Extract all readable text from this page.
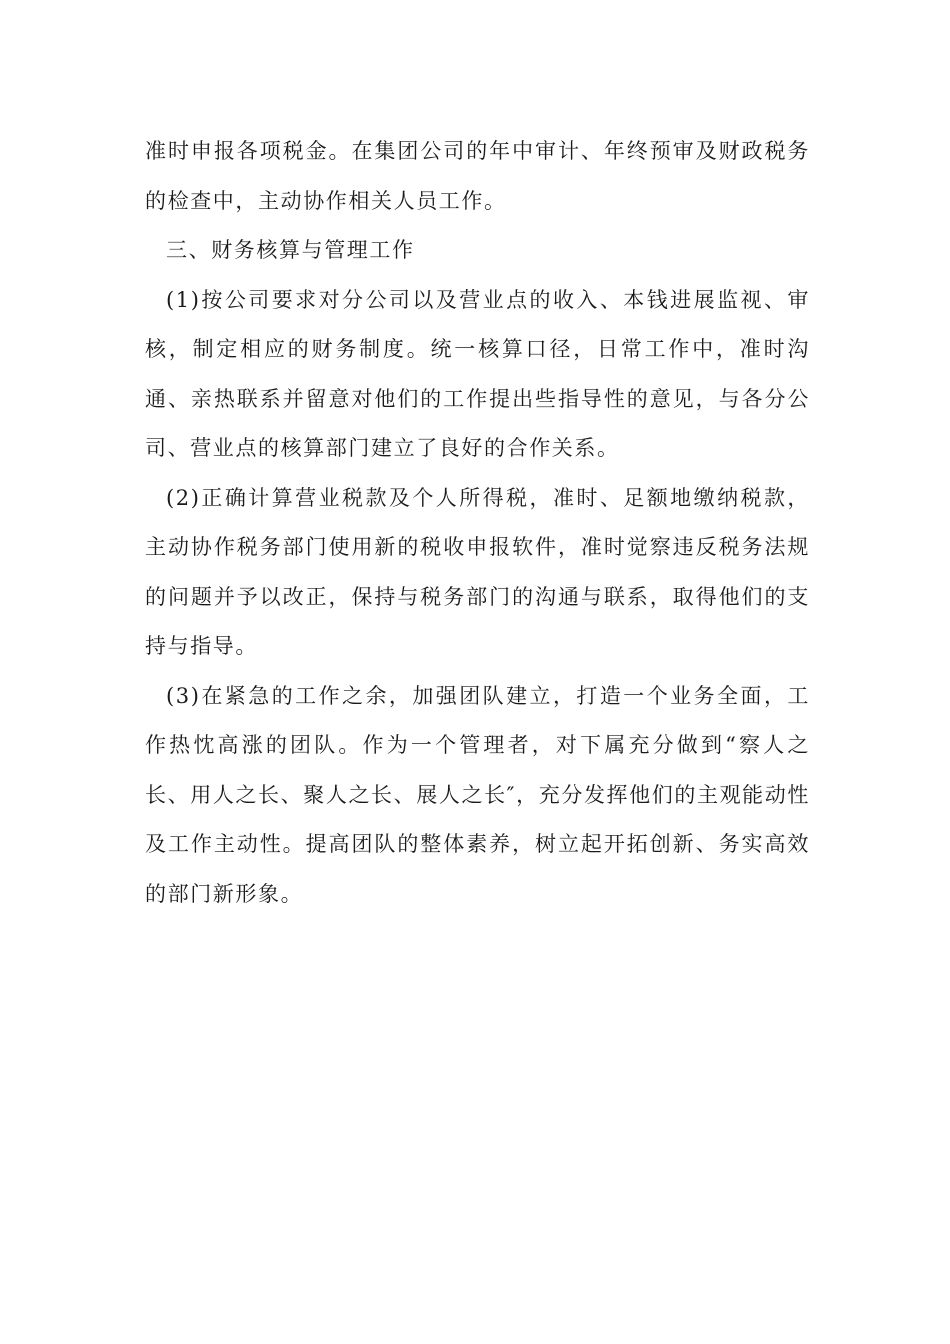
准时申报各项税金。在集团公司的年中审计、年终预审及财政税务的检查中，主动协作相关人员工作。

三、财务核算与管理工作

(1)按公司要求对分公司以及营业点的收入、本钱进展监视、审核，制定相应的财务制度。统一核算口径，日常工作中，准时沟通、亲热联系并留意对他们的工作提出些指导性的意见，与各分公司、营业点的核算部门建立了良好的合作关系。

(2)正确计算营业税款及个人所得税，准时、足额地缴纳税款，主动协作税务部门使用新的税收申报软件，准时觉察违反税务法规的问题并予以改正，保持与税务部门的沟通与联系，取得他们的支持与指导。

(3)在紧急的工作之余，加强团队建立，打造一个业务全面，工作热忱高涨的团队。作为一个管理者，对下属充分做到“察人之长、用人之长、聚人之长、展人之长″，充分发挥他们的主观能动性及工作主动性。提高团队的整体素养，树立起开拓创新、务实高效的部门新形象。
